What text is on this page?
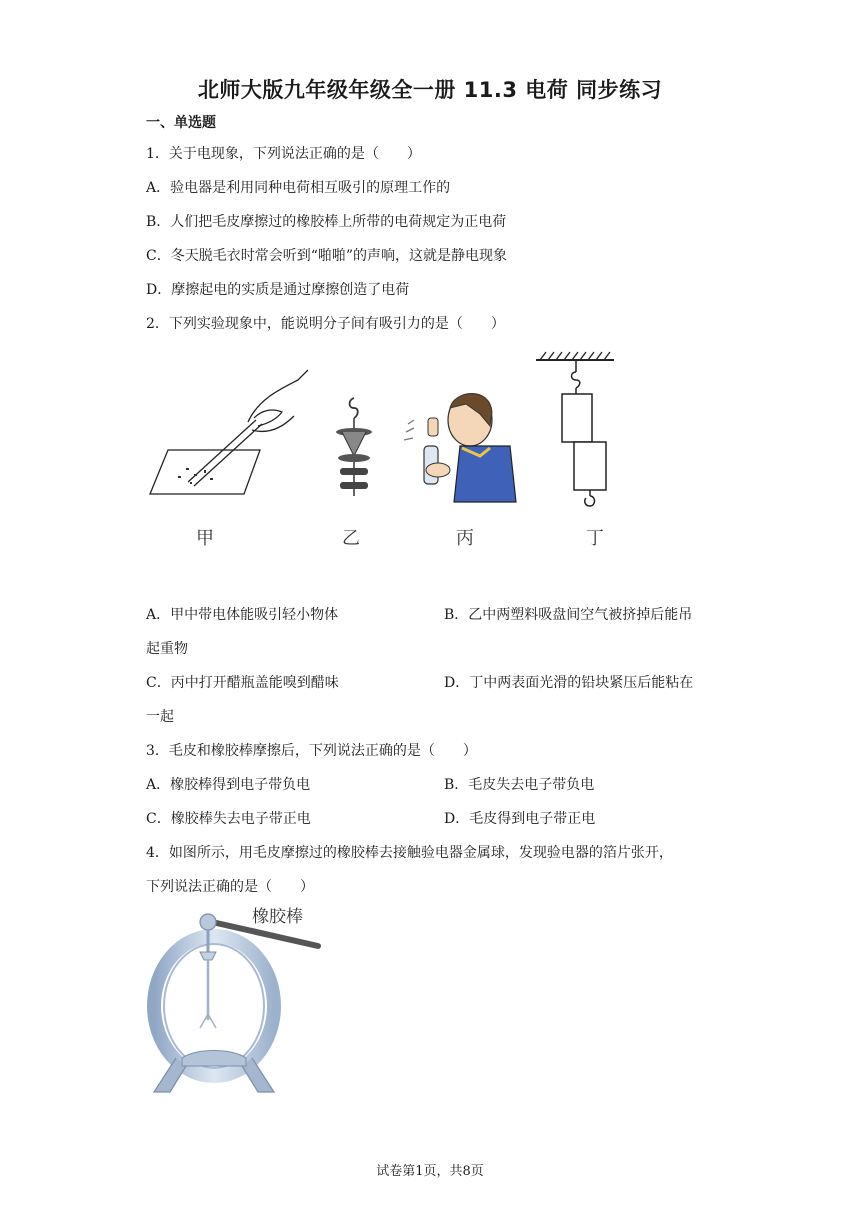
北师大版九年级年级全一册 11.3 电荷 同步练习
一、单选题
1．关于电现象，下列说法正确的是（　　）
A．验电器是利用同种电荷相互吸引的原理工作的
B．人们把毛皮摩擦过的橡胶棒上所带的电荷规定为正电荷
C．冬天脱毛衣时常会听到“啪啪”的声响，这就是静电现象
D．摩擦起电的实质是通过摩擦创造了电荷
2．下列实验现象中，能说明分子间有吸引力的是（　　）
甲	乙	丙	丁
A．甲中带电体能吸引轻小物体	B．乙中两塑料吸盘间空气被挤掉后能吊
起重物
C．丙中打开醋瓶盖能嗅到醋味	D．丁中两表面光滑的铅块紧压后能粘在
一起
3．毛皮和橡胶棒摩擦后，下列说法正确的是（　　）
A．橡胶棒得到电子带负电	B．毛皮失去电子带负电
C．橡胶棒失去电子带正电	D．毛皮得到电子带正电
4．如图所示，用毛皮摩擦过的橡胶棒去接触验电器金属球，发现验电器的箔片张开，
下列说法正确的是（　　）
橡胶棒
试卷第1页，共8页
